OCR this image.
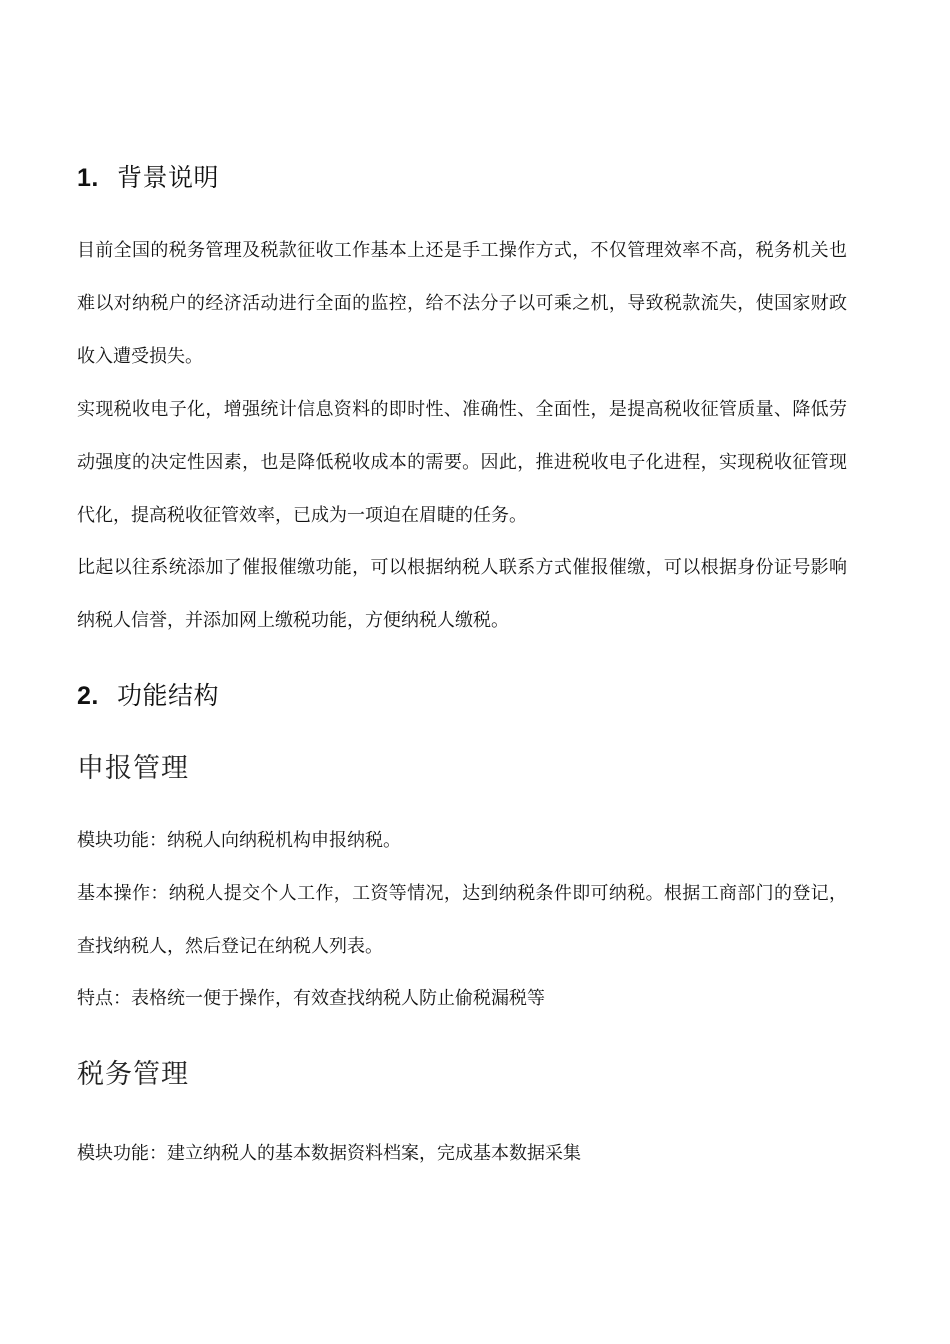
1. 背景说明

目前全国的税务管理及税款征收工作基本上还是手工操作方式，不仅管理效率不高，税务机关也难以对纳税户的经济活动进行全面的监控，给不法分子以可乘之机，导致税款流失，使国家财政收入遭受损失。

实现税收电子化，增强统计信息资料的即时性、准确性、全面性，是提高税收征管质量、降低劳动强度的决定性因素，也是降低税收成本的需要。因此，推进税收电子化进程，实现税收征管现代化，提高税收征管效率，已成为一项迫在眉睫的任务。

比起以往系统添加了催报催缴功能，可以根据纳税人联系方式催报催缴，可以根据身份证号影响纳税人信誉，并添加网上缴税功能，方便纳税人缴税。

2. 功能结构
申报管理

模块功能：纳税人向纳税机构申报纳税。

基本操作：纳税人提交个人工作，工资等情况，达到纳税条件即可纳税。根据工商部门的登记，查找纳税人，然后登记在纳税人列表。

特点：表格统一便于操作，有效查找纳税人防止偷税漏税等

税务管理

模块功能：建立纳税人的基本数据资料档案，完成基本数据采集
